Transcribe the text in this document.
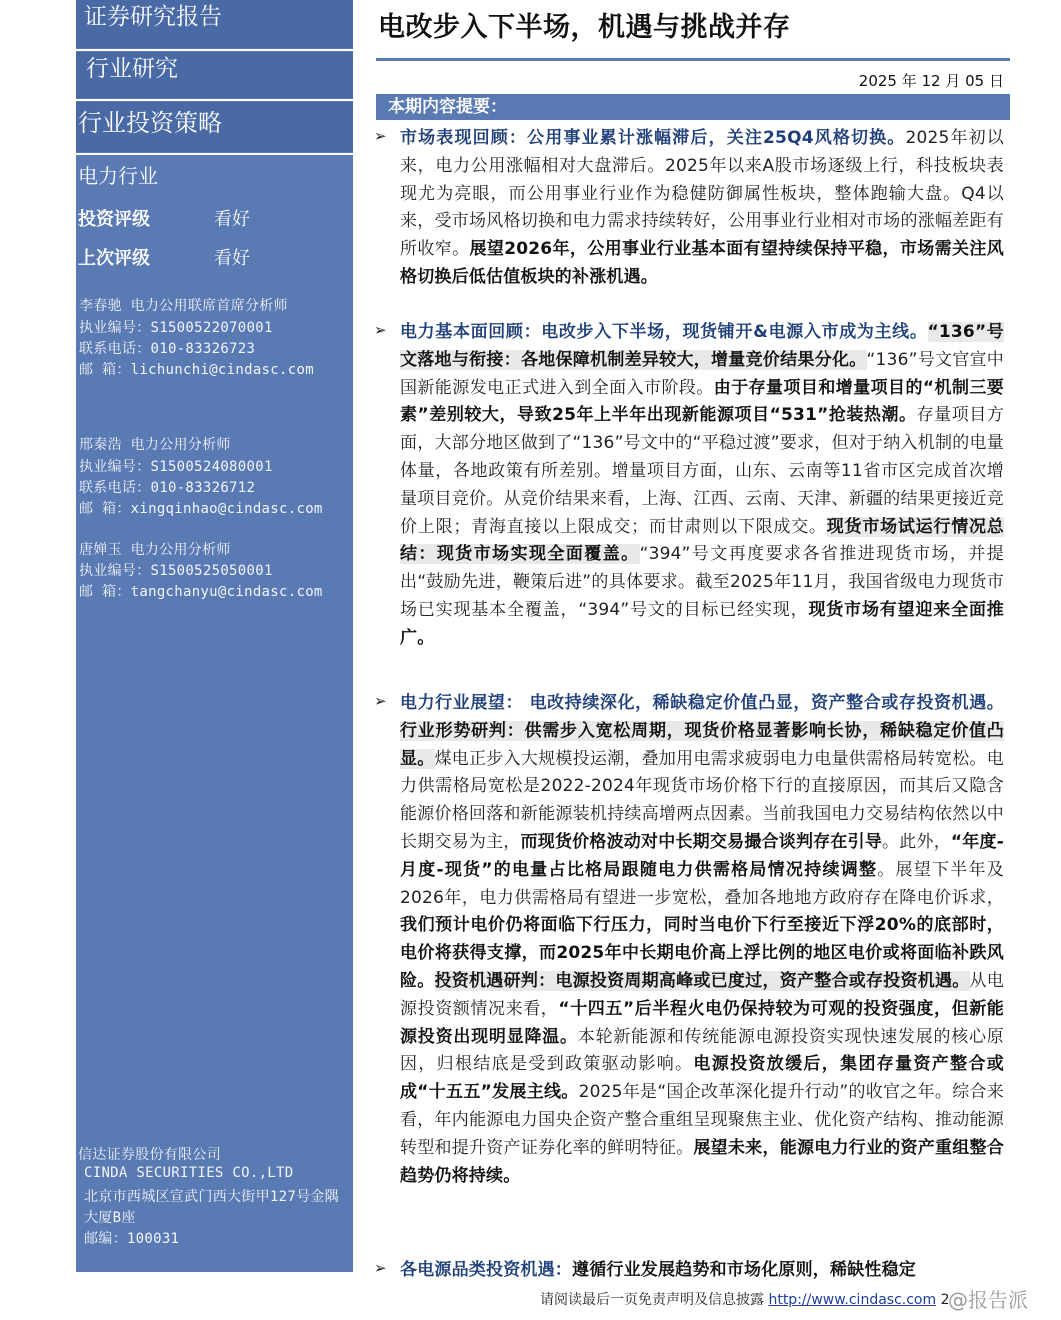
证券研究报告
行业研究
行业投资策略
电力行业
投资评级	看好
上次评级	看好
李春驰 电力公用联席首席分析师
执业编号：S1500522070001
联系电话：010-83326723
邮 箱：lichunchi@cindasc.com
邢秦浩 电力公用分析师
执业编号：S1500524080001
联系电话：010-83326712
邮 箱：xingqinhao@cindasc.com
唐婵玉 电力公用分析师
执业编号：S1500525050001
邮 箱：tangchanyu@cindasc.com
信达证券股份有限公司
CINDA SECURITIES CO.,LTD
北京市西城区宣武门西大街甲127号金隅
大厦B座
邮编：100031
电改步入下半场，机遇与挑战并存
2025 年 12 月 05 日
本期内容提要：
➢ 市场表现回顾：公用事业累计涨幅滞后，关注25Q4风格切换。2025年初以来，电力公用涨幅相对大盘滞后。2025年以来A股市场逐级上行，科技板块表现尤为亮眼，而公用事业行业作为稳健防御属性板块，整体跑输大盘。Q4以来，受市场风格切换和电力需求持续转好，公用事业行业相对市场的涨幅差距有所收窄。展望2026年，公用事业行业基本面有望持续保持平稳，市场需关注风格切换后低估值板块的补涨机遇。
➢ 电力基本面回顾：电改步入下半场，现货铺开&电源入市成为主线。“136”号文落地与衔接：各地保障机制差异较大，增量竞价结果分化。“136”号文官宣中国新能源发电正式进入到全面入市阶段。由于存量项目和增量项目的“机制三要素”差别较大，导致25年上半年出现新能源项目“531”抢装热潮。存量项目方面，大部分地区做到了“136”号文中的“平稳过渡”要求，但对于纳入机制的电量体量，各地政策有所差别。增量项目方面，山东、云南等11省市区完成首次增量项目竞价。从竞价结果来看，上海、江西、云南、天津、新疆的结果更接近竞价上限；青海直接以上限成交；而甘肃则以下限成交。现货市场试运行情况总结：现货市场实现全面覆盖。“394”号文再度要求各省推进现货市场，并提出“鼓励先进，鞭策后进”的具体要求。截至2025年11月，我国省级电力现货市场已实现基本全覆盖，“394”号文的目标已经实现，现货市场有望迎来全面推广。
➢ 电力行业展望： 电改持续深化，稀缺稳定价值凸显，资产整合或存投资机遇。行业形势研判：供需步入宽松周期，现货价格显著影响长协，稀缺稳定价值凸显。煤电正步入大规模投运潮，叠加用电需求疲弱电力电量供需格局转宽松。电力供需格局宽松是2022-2024年现货市场价格下行的直接原因，而其后又隐含能源价格回落和新能源装机持续高增两点因素。当前我国电力交易结构依然以中长期交易为主，而现货价格波动对中长期交易撮合谈判存在引导。此外，“年度-月度-现货”的电量占比格局跟随电力供需格局情况持续调整。展望下半年及2026年，电力供需格局有望进一步宽松，叠加各地地方政府存在降电价诉求，我们预计电价仍将面临下行压力，同时当电价下行至接近下浮20%的底部时，电价将获得支撑，而2025年中长期电价高上浮比例的地区电价或将面临补跌风险。投资机遇研判：电源投资周期高峰或已度过，资产整合或存投资机遇。从电源投资额情况来看，“十四五”后半程火电仍保持较为可观的投资强度，但新能源投资出现明显降温。本轮新能源和传统能源电源投资实现快速发展的核心原因，归根结底是受到政策驱动影响。电源投资放缓后，集团存量资产整合或成“十五五”发展主线。2025年是“国企改革深化提升行动”的收官之年。综合来看，年内能源电力国央企资产整合重组呈现聚焦主业、优化资产结构、推动能源转型和提升资产证券化率的鲜明特征。展望未来，能源电力行业的资产重组整合趋势仍将持续。
➢ 各电源品类投资机遇：遵循行业发展趋势和市场化原则，稀缺性稳定
请阅读最后一页免责声明及信息披露 http://www.cindasc.com 2
@报告派
